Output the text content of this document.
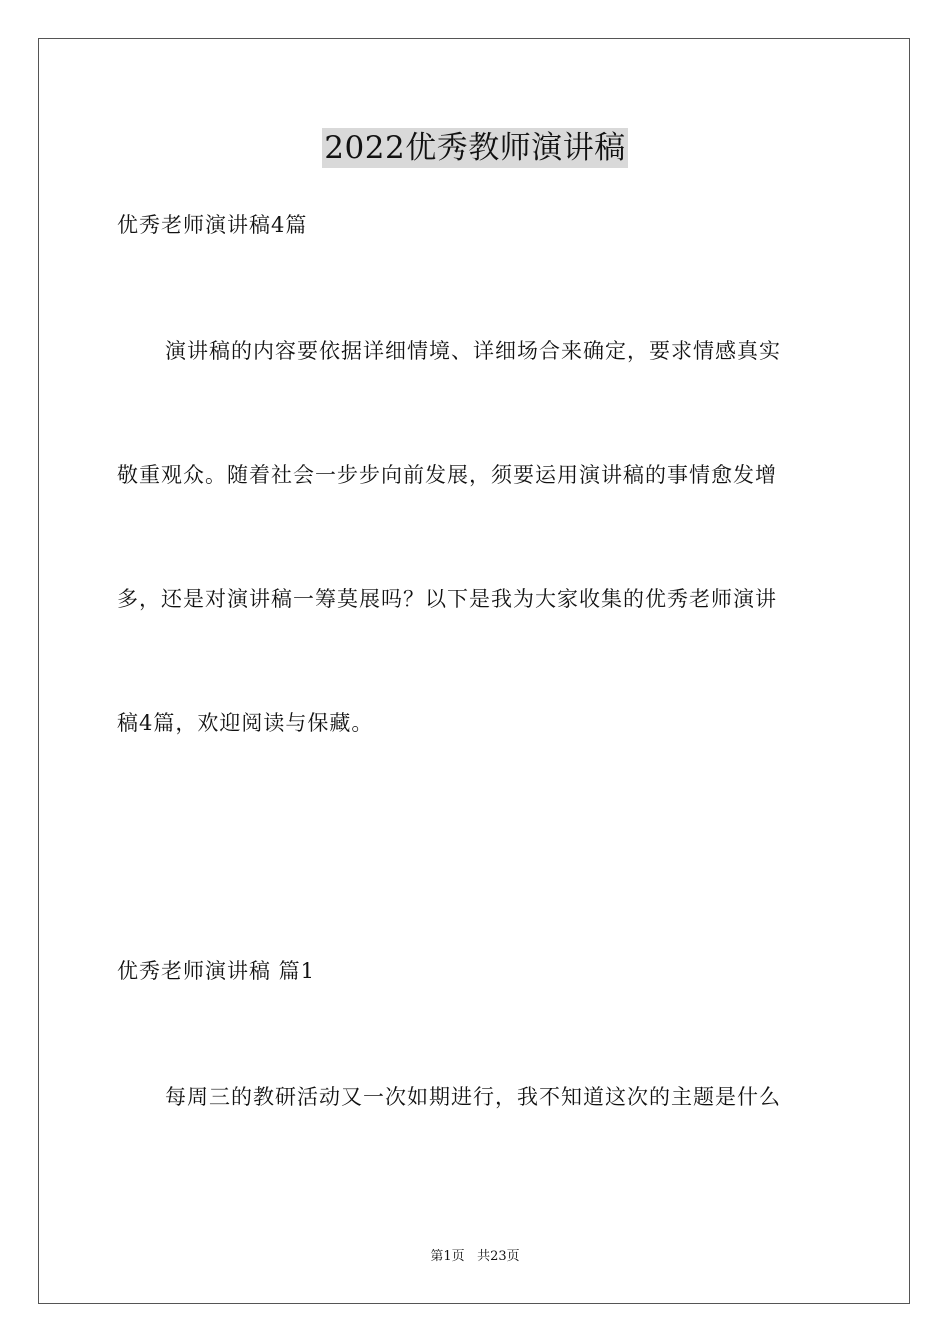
2022优秀教师演讲稿
优秀老师演讲稿4篇
演讲稿的内容要依据详细情境、详细场合来确定，要求情感真实
敬重观众。随着社会一步步向前发展，须要运用演讲稿的事情愈发增
多，还是对演讲稿一筹莫展吗？以下是我为大家收集的优秀老师演讲
稿4篇，欢迎阅读与保藏。
优秀老师演讲稿 篇1
每周三的教研活动又一次如期进行，我不知道这次的主题是什么
第1页 共23页
